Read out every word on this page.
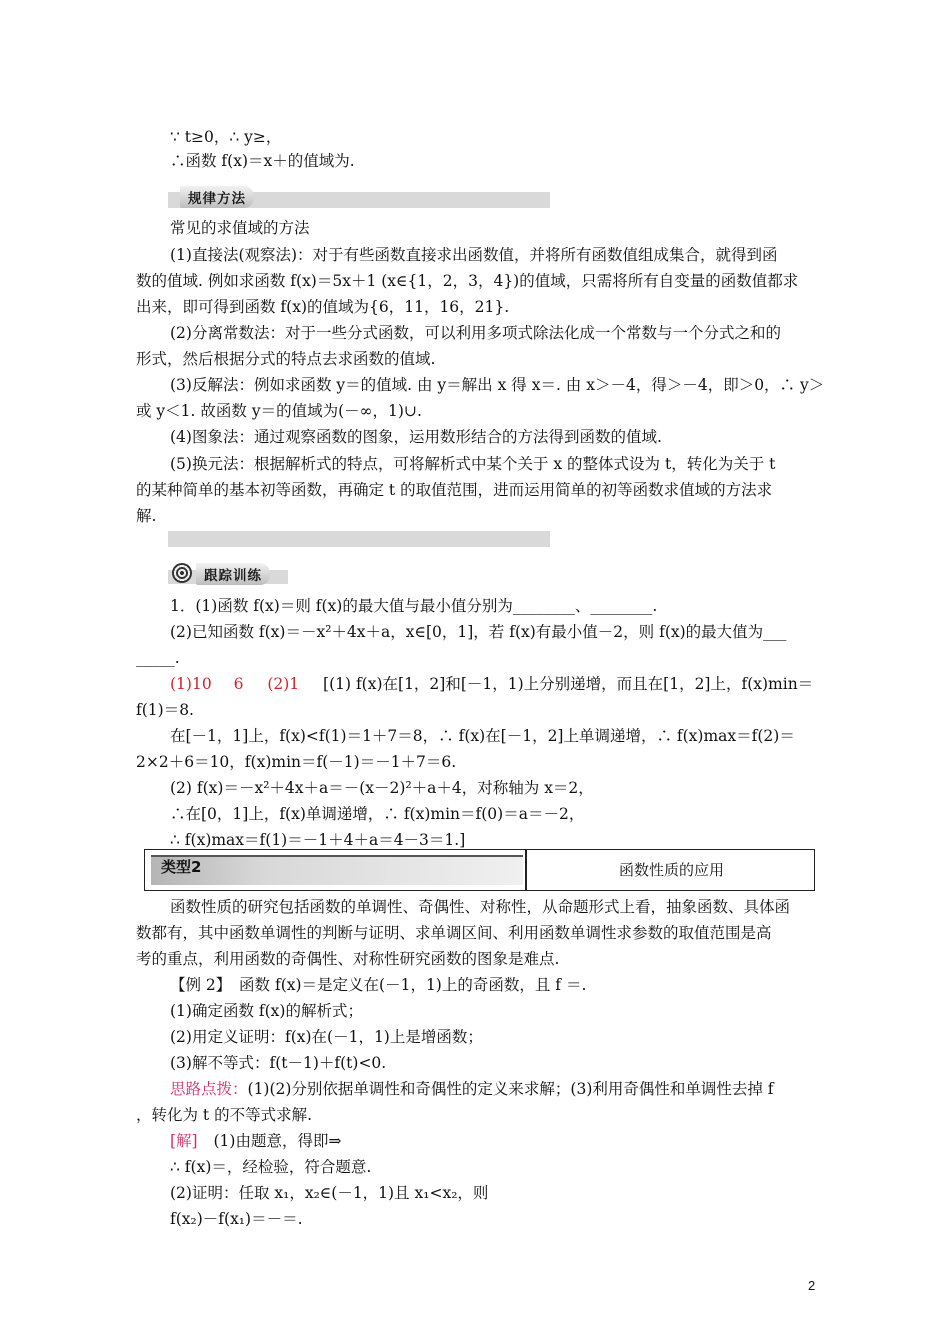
∵ t≥0，∴ y≥，
∴函数 f(x)＝x＋的值域为.
规律方法
常见的求值域的方法
(1)直接法(观察法)：对于有些函数直接求出函数值，并将所有函数值组成集合，就得到函
数的值域. 例如求函数 f(x)＝5x＋1 (x∈{1，2，3，4})的值域，只需将所有自变量的函数值都求
出来，即可得到函数 f(x)的值域为{6，11，16，21}.
(2)分离常数法：对于一些分式函数，可以利用多项式除法化成一个常数与一个分式之和的
形式，然后根据分式的特点去求函数的值域.
(3)反解法：例如求函数 y＝的值域. 由 y＝解出 x 得 x＝. 由 x＞－4，得＞－4，即＞0，∴ y＞
或 y＜1. 故函数 y＝的值域为(－∞，1)∪.
(4)图象法：通过观察函数的图象，运用数形结合的方法得到函数的值域.
(5)换元法：根据解析式的特点，可将解析式中某个关于 x 的整体式设为 t，转化为关于 t
的某种简单的基本初等函数，再确定 t 的取值范围，进而运用简单的初等函数求值域的方法求
解.
跟踪训练
1．(1)函数 f(x)＝则 f(x)的最大值与最小值分别为________、________.
(2)已知函数 f(x)＝－x²＋4x＋a，x∈[0，1]，若 f(x)有最小值－2，则 f(x)的最大值为___
_____.
(1)10 6 (2)1 [(1) f(x)在[1，2]和[－1，1)上分别递增，而且在[1，2]上，f(x)min＝
f(1)＝8.
在[－1，1]上，f(x)<f(1)＝1＋7＝8，∴ f(x)在[－1，2]上单调递增，∴ f(x)max＝f(2)＝
2×2＋6＝10，f(x)min＝f(－1)＝－1＋7＝6.
(2) f(x)＝－x²＋4x＋a＝－(x－2)²＋a＋4，对称轴为 x＝2，
∴在[0，1]上，f(x)单调递增，∴ f(x)min＝f(0)＝a＝－2，
∴ f(x)max＝f(1)＝－1＋4＋a＝4－3＝1.]
类型2	函数性质的应用
函数性质的研究包括函数的单调性、奇偶性、对称性，从命题形式上看，抽象函数、具体函
数都有，其中函数单调性的判断与证明、求单调区间、利用函数单调性求参数的取值范围是高
考的重点，利用函数的奇偶性、对称性研究函数的图象是难点.
【例 2】　函数 f(x)＝是定义在(－1，1)上的奇函数，且 f ＝.
(1)确定函数 f(x)的解析式；
(2)用定义证明：f(x)在(－1，1)上是增函数；
(3)解不等式：f(t－1)＋f(t)<0.
思路点拨：(1)(2)分别依据单调性和奇偶性的定义来求解；(3)利用奇偶性和单调性去掉 f
，转化为 t 的不等式求解.
[解] (1)由题意，得即⇒
∴ f(x)＝，经检验，符合题意.
(2)证明：任取 x₁，x₂∈(－1，1)且 x₁<x₂，则
f(x₂)－f(x₁)＝－＝.
2
